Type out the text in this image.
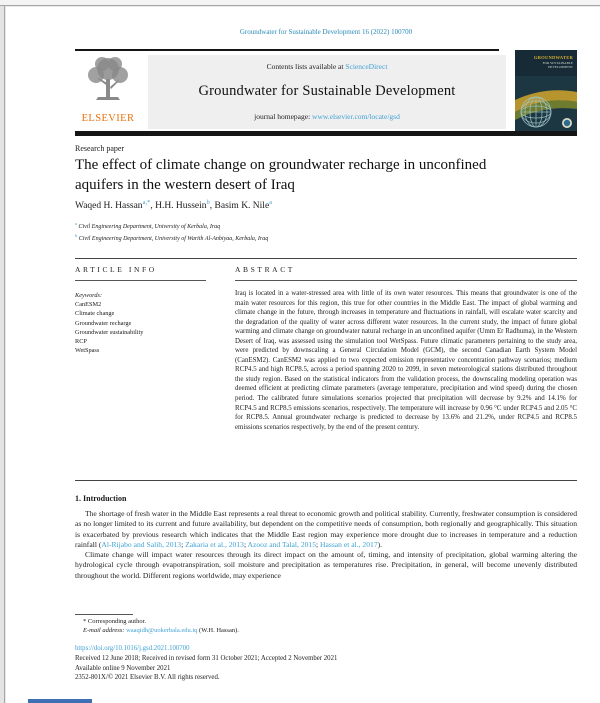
Groundwater for Sustainable Development 16 (2022) 100700
ELSEVIER
Contents lists available at ScienceDirect
Groundwater for Sustainable Development
journal homepage: www.elsevier.com/locate/gsd
GROUNDWATER
FOR SUSTAINABLE
DEVELOPMENT
Research paper
The effect of climate change on groundwater recharge in unconfined aquifers in the western desert of Iraq
Waqed H. Hassan$^{a,*}$, H.H. Hussein$^b$, Basim K. Nile$^a$
$^a$ Civil Engineering Department, University of Kerbala, Iraq
$^b$ Civil Engineering Department, University of Warith Al-Anbiyaa, Kerbala, Iraq
ARTICLE INFO	ABSTRACT
Keywords:
CanESM2
Climate change
Groundwater recharge
Groundwater sustainability
RCP
WetSpass
Iraq is located in a water-stressed area with little of its own water resources. This means that groundwater is one of the main water resources for this region, this true for other countries in the Middle East. The impact of global warming and climate change in the future, through increases in temperature and fluctuations in rainfall, will escalate water scarcity and the degradation of the quality of water across different water resources. In the current study, the impact of future global warming and climate change on groundwater natural recharge in an unconfined aquifer (Umm Er Radhuma), in the Western Desert of Iraq, was assessed using the simulation tool WetSpass. Future climatic parameters pertaining to the study area, were predicted by downscaling a General Circulation Model (GCM), the second Canadian Earth System Model (CanESM2). CanESM2 was applied to two expected emission representative concentration pathway scenarios; medium RCP4.5 and high RCP8.5, across a period spanning 2020 to 2099, in seven meteorological stations distributed throughout the study region. Based on the statistical indicators from the validation process, the downscaling modeling operation was deemed efficient at predicting climate parameters (average temperature, precipitation and wind speed) during the chosen period. The calibrated future simulations scenarios projected that precipitation will decrease by 9.2% and 14.1% for RCP4.5 and RCP8.5 emissions scenarios, respectively. The temperature will increase by 0.96 °C under RCP4.5 and 2.05 °C for RCP8.5. Annual groundwater recharge is predicted to decrease by 13.6% and 21.2%, under RCP4.5 and RCP8.5 emissions scenarios respectively, by the end of the present century.
1. Introduction

The shortage of fresh water in the Middle East represents a real threat to economic growth and political stability. Currently, freshwater consumption is considered as no longer limited to its current and future availability, but dependent on the competitive needs of consumption, both regionally and geographically. This situation is exacerbated by previous research which indicates that the Middle East region may experience more drought due to increases in temperature and a reduction rainfall (Al-Rijabo and Salih, 2013; Zakaria et al., 2013; Azooz and Talal, 2015; Hassan et al., 2017).

Climate change will impact water resources through its direct impact on the amount of, timing, and intensity of precipitation, global warming altering the hydrological cycle through evapotranspiration, soil moisture and precipitation as temperatures rise. Precipitation, in general, will become unevenly distributed throughout the world. Different regions worldwide, may experience

* Corresponding author.
E-mail address: waaqidh@uokerbala.edu.iq (W.H. Hassan).
https://doi.org/10.1016/j.gsd.2021.100700
Received 12 June 2018; Received in revised form 31 October 2021; Accepted 2 November 2021
Available online 9 November 2021
2352-801X/© 2021 Elsevier B.V. All rights reserved.
